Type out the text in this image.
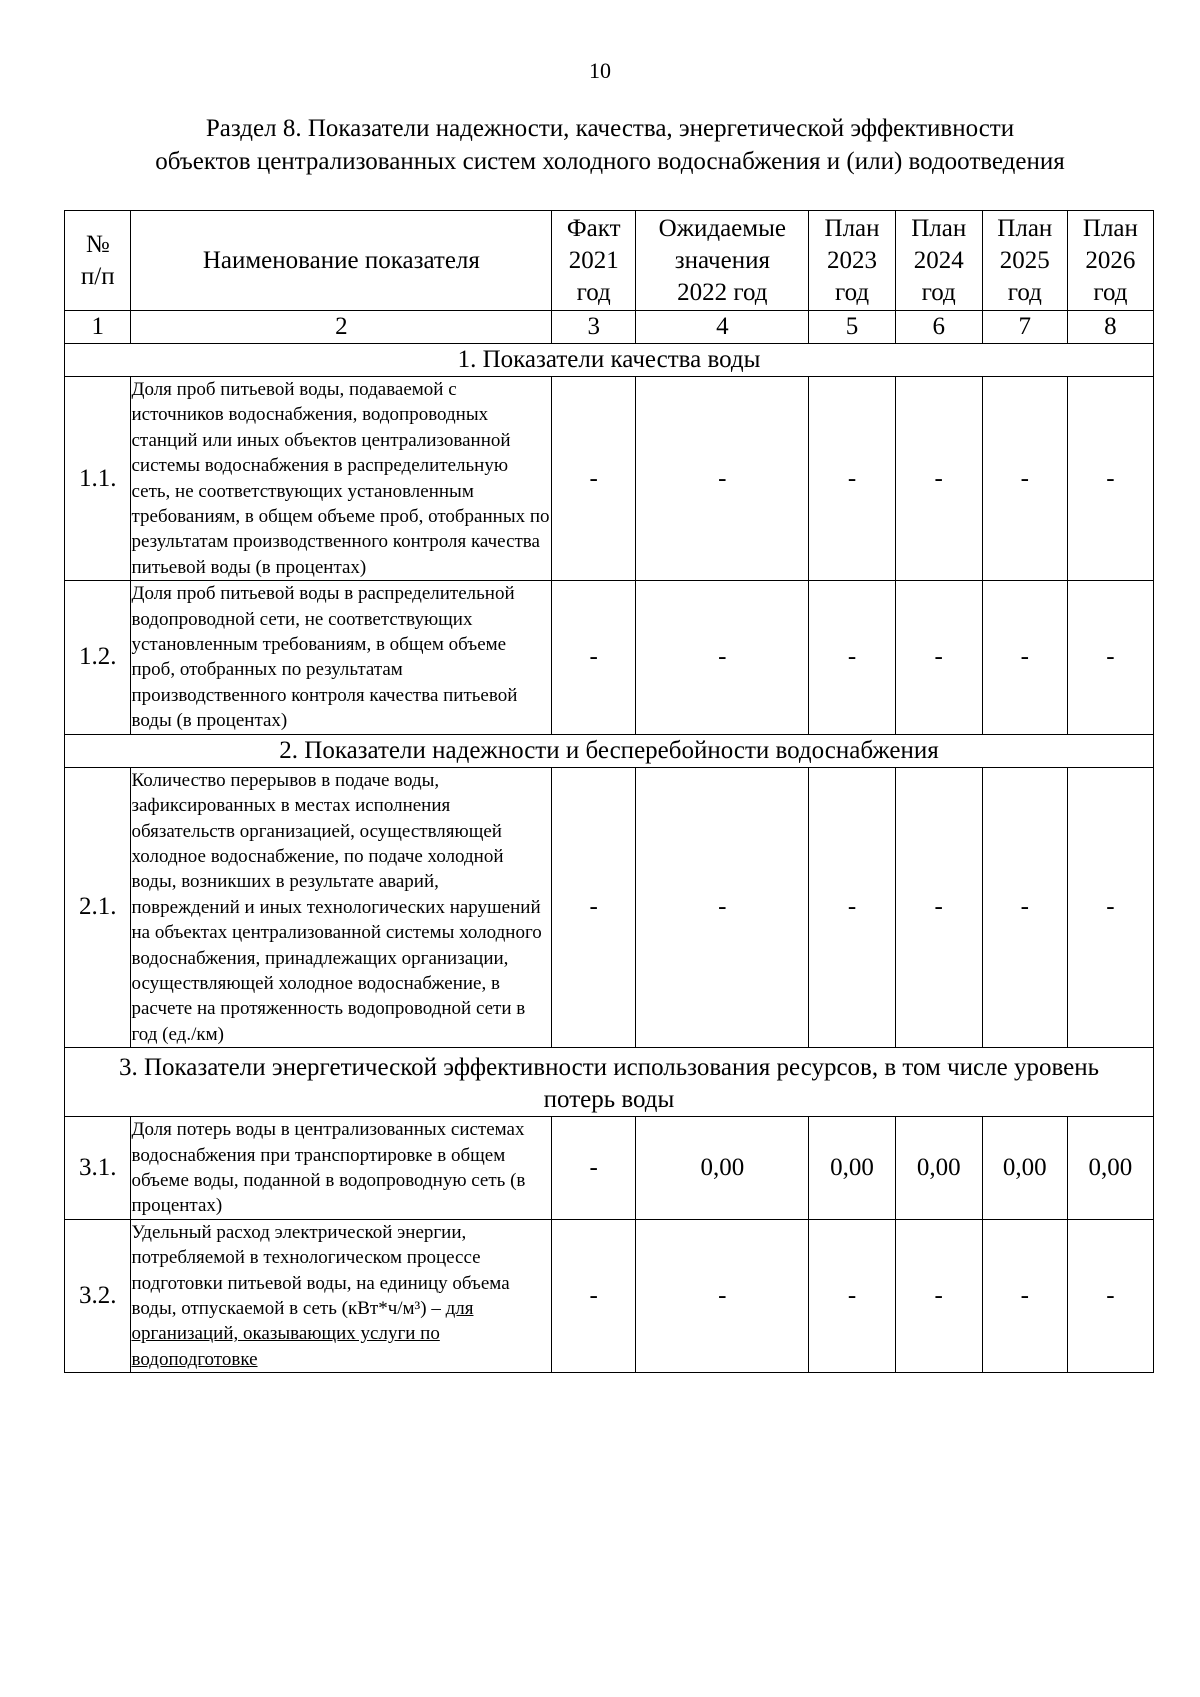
10
Раздел 8. Показатели надежности, качества, энергетической эффективности
объектов централизованных систем холодного водоснабжения и (или) водоотведения
№
п/п	Наименование показателя	Факт
2021
год	Ожидаемые
значения
2022 год	План
2023
год	План
2024
год	План
2025
год	План
2026
год

1	2	3	4	5	6	7	8
1. Показатели качества воды							
1.1.	Доля проб питьевой воды, подаваемой с источников водоснабжения, водопроводных станций или иных объектов централизованной системы водоснабжения в распределительную сеть, не соответствующих установленным требованиям, в общем объеме проб, отобранных по результатам производственного контроля качества питьевой воды (в процентах)	-	-	-	-	-	-
1.2.	Доля проб питьевой воды в распределительной водопроводной сети, не соответствующих установленным требованиям, в общем объеме проб, отобранных по результатам производственного контроля качества питьевой воды (в процентах)	-	-	-	-	-	-
2. Показатели надежности и бесперебойности водоснабжения							
2.1.	Количество перерывов в подаче воды, зафиксированных в местах исполнения обязательств организацией, осуществляющей холодное водоснабжение, по подаче холодной воды, возникших в результате аварий, повреждений и иных технологических нарушений на объектах централизованной системы холодного водоснабжения, принадлежащих организации, осуществляющей холодное водоснабжение, в расчете на протяженность водопроводной сети в год (ед./км)	-	-	-	-	-	-
3. Показатели энергетической эффективности использования ресурсов, в том числе уровень потерь воды							
3.1.	Доля потерь воды в централизованных системах водоснабжения при транспортировке в общем объеме воды, поданной в водопроводную сеть (в процентах)	-	0,00	0,00	0,00	0,00	0,00
3.2.	Удельный расход электрической энергии, потребляемой в технологическом процессе подготовки питьевой воды, на единицу объема воды, отпускаемой в сеть (кВт*ч/м³) – для организаций, оказывающих услуги по водоподготовке	-	-	-	-	-	-
